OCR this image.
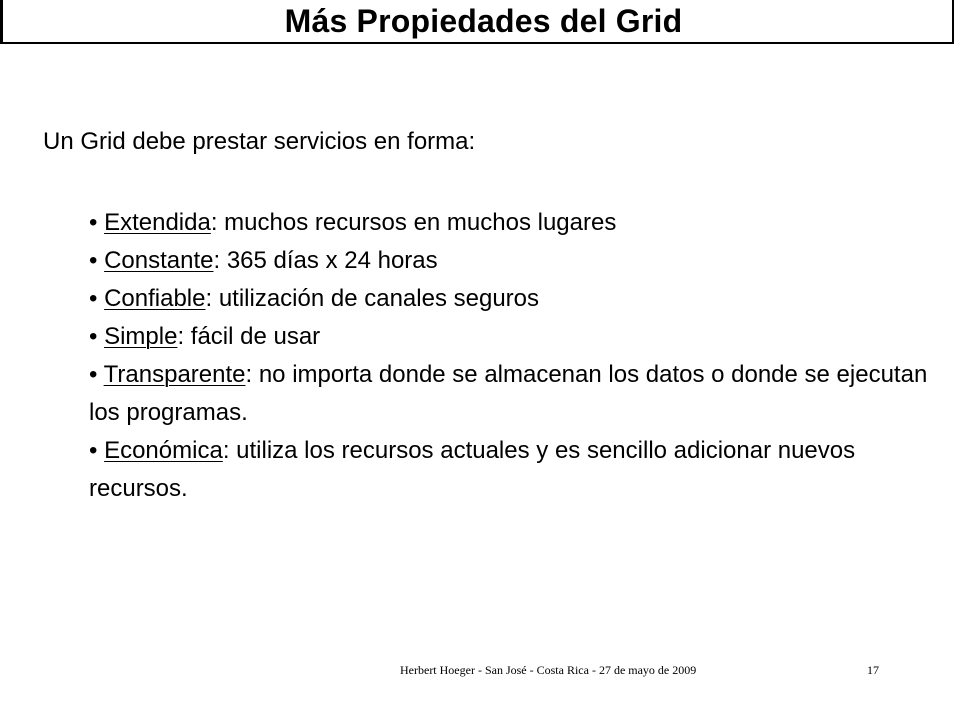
Más Propiedades del Grid

Un Grid debe prestar servicios en forma:

• Extendida: muchos recursos en muchos lugares
• Constante: 365 días x 24 horas
• Confiable: utilización de canales seguros
• Simple: fácil de usar
• Transparente: no importa donde se almacenan los datos o donde se ejecutan los programas.
• Económica: utiliza los recursos actuales y es sencillo adicionar nuevos recursos.
Herbert Hoeger - San José - Costa Rica - 27 de mayo de 2009	17
